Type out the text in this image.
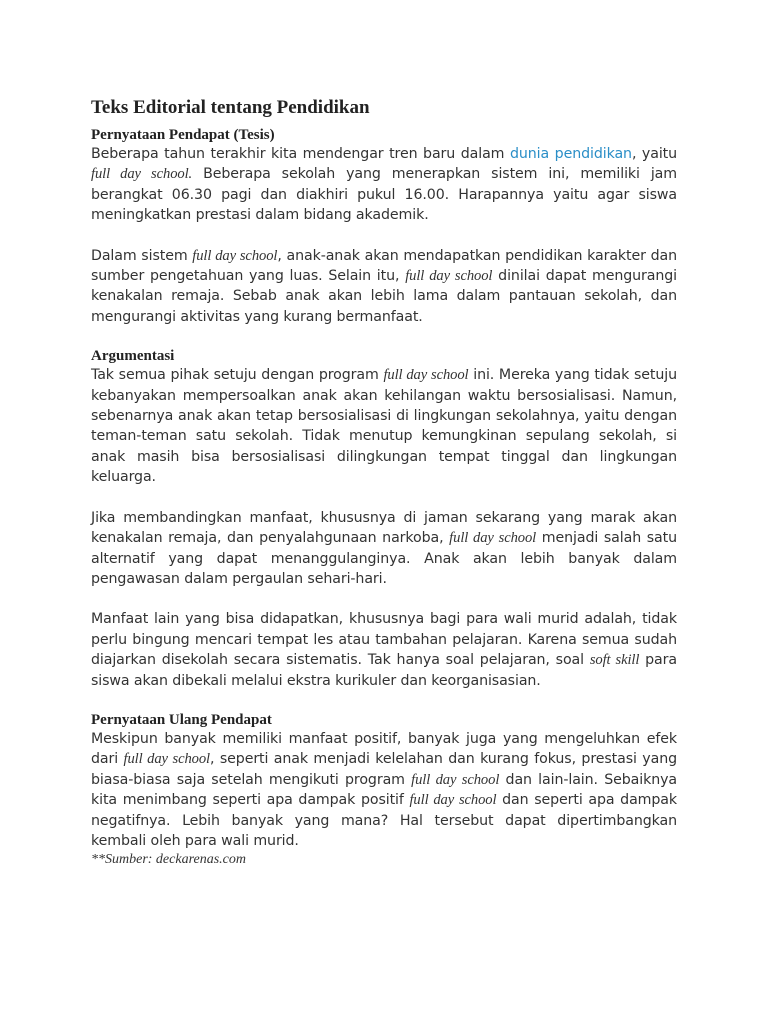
Teks Editorial tentang Pendidikan
Pernyataan Pendapat (Tesis)

Beberapa tahun terakhir kita mendengar tren baru dalam dunia pendidikan, yaitu full day school. Beberapa sekolah yang menerapkan sistem ini, memiliki jam berangkat 06.30 pagi dan diakhiri pukul 16.00. Harapannya yaitu agar siswa meningkatkan prestasi dalam bidang akademik.

Dalam sistem full day school, anak-anak akan mendapatkan pendidikan karakter dan sumber pengetahuan yang luas. Selain itu, full day school dinilai dapat mengurangi kenakalan remaja. Sebab anak akan lebih lama dalam pantauan sekolah, dan mengurangi aktivitas yang kurang bermanfaat.

Argumentasi

Tak semua pihak setuju dengan program full day school ini. Mereka yang tidak setuju kebanyakan mempersoalkan anak akan kehilangan waktu bersosialisasi. Namun, sebenarnya anak akan tetap bersosialisasi di lingkungan sekolahnya, yaitu dengan teman-teman satu sekolah. Tidak menutup kemungkinan sepulang sekolah, si anak masih bisa bersosialisasi dilingkungan tempat tinggal dan lingkungan keluarga.

Jika membandingkan manfaat, khususnya di jaman sekarang yang marak akan kenakalan remaja, dan penyalahgunaan narkoba, full day school menjadi salah satu alternatif yang dapat menanggulanginya. Anak akan lebih banyak dalam pengawasan dalam pergaulan sehari-hari.

Manfaat lain yang bisa didapatkan, khususnya bagi para wali murid adalah, tidak perlu bingung mencari tempat les atau tambahan pelajaran. Karena semua sudah diajarkan disekolah secara sistematis. Tak hanya soal pelajaran, soal soft skill para siswa akan dibekali melalui ekstra kurikuler dan keorganisasian.

Pernyataan Ulang Pendapat

Meskipun banyak memiliki manfaat positif, banyak juga yang mengeluhkan efek dari full day school, seperti anak menjadi kelelahan dan kurang fokus, prestasi yang biasa-biasa saja setelah mengikuti program full day school dan lain-lain. Sebaiknya kita menimbang seperti apa dampak positif full day school dan seperti apa dampak negatifnya. Lebih banyak yang mana? Hal tersebut dapat dipertimbangkan kembali oleh para wali murid.

**Sumber: deckarenas.com
